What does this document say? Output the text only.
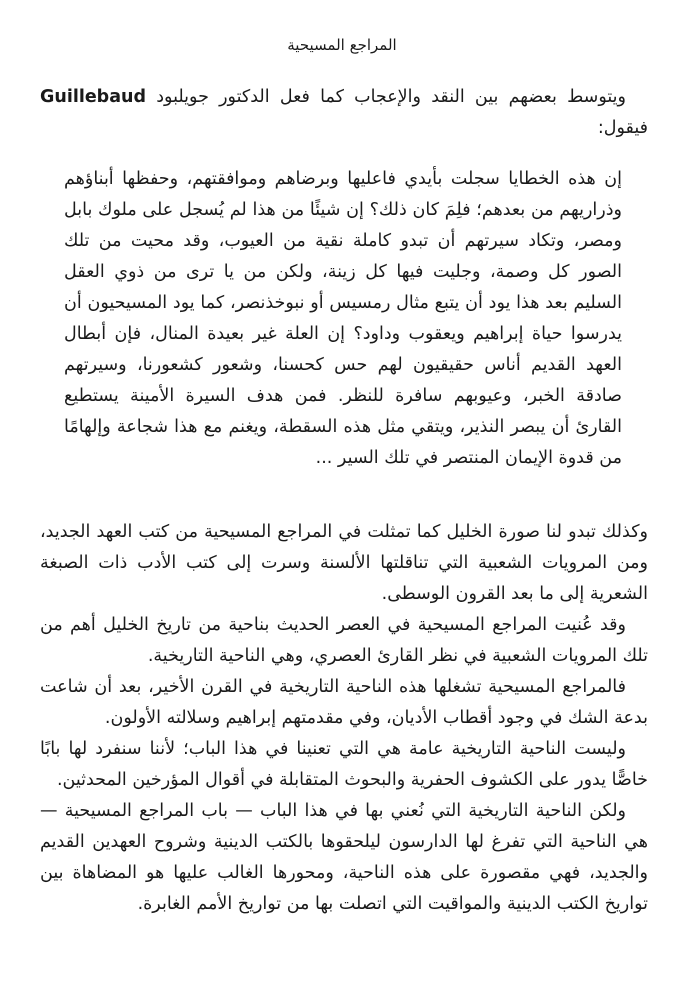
المراجع المسيحية

ويتوسط بعضهم بين النقد والإعجاب كما فعل الدكتور جويلبود Guillebaud فيقول:

إن هذه الخطايا سجلت بأيدي فاعليها وبرضاهم وموافقتهم، وحفظها أبناؤهم وذراريهم من بعدهم؛ فلِمَ كان ذلك؟ إن شيئًا من هذا لم يُسجل على ملوك بابل ومصر، وتكاد سيرتهم أن تبدو كاملة نقية من العيوب، وقد محيت من تلك الصور كل وصمة، وجليت فيها كل زينة، ولكن من يا ترى من ذوي العقل السليم بعد هذا يود أن يتبع مثال رمسيس أو نبوخذنصر، كما يود المسيحيون أن يدرسوا حياة إبراهيم ويعقوب وداود؟ إن العلة غير بعيدة المنال، فإن أبطال العهد القديم أناس حقيقيون لهم حس كحسنا، وشعور كشعورنا، وسيرتهم صادقة الخبر، وعيوبهم سافرة للنظر. فمن هدف السيرة الأمينة يستطيع القارئ أن يبصر النذير، ويتقي مثل هذه السقطة، ويغنم مع هذا شجاعة وإلهامًا من قدوة الإيمان المنتصر في تلك السير ...

وكذلك تبدو لنا صورة الخليل كما تمثلت في المراجع المسيحية من كتب العهد الجديد، ومن المرويات الشعبية التي تناقلتها الألسنة وسرت إلى كتب الأدب ذات الصبغة الشعرية إلى ما بعد القرون الوسطى.

وقد عُنيت المراجع المسيحية في العصر الحديث بناحية من تاريخ الخليل أهم من تلك المرويات الشعبية في نظر القارئ العصري، وهي الناحية التاريخية.

فالمراجع المسيحية تشغلها هذه الناحية التاريخية في القرن الأخير، بعد أن شاعت بدعة الشك في وجود أقطاب الأديان، وفي مقدمتهم إبراهيم وسلالته الأولون.

وليست الناحية التاريخية عامة هي التي تعنينا في هذا الباب؛ لأننا سنفرد لها بابًا خاصًّا يدور على الكشوف الحفرية والبحوث المتقابلة في أقوال المؤرخين المحدثين.

ولكن الناحية التاريخية التي نُعني بها في هذا الباب — باب المراجع المسيحية — هي الناحية التي تفرغ لها الدارسون ليلحقوها بالكتب الدينية وشروح العهدين القديم والجديد، فهي مقصورة على هذه الناحية، ومحورها الغالب عليها هو المضاهاة بين تواريخ الكتب الدينية والمواقيت التي اتصلت بها من تواريخ الأمم الغابرة.
